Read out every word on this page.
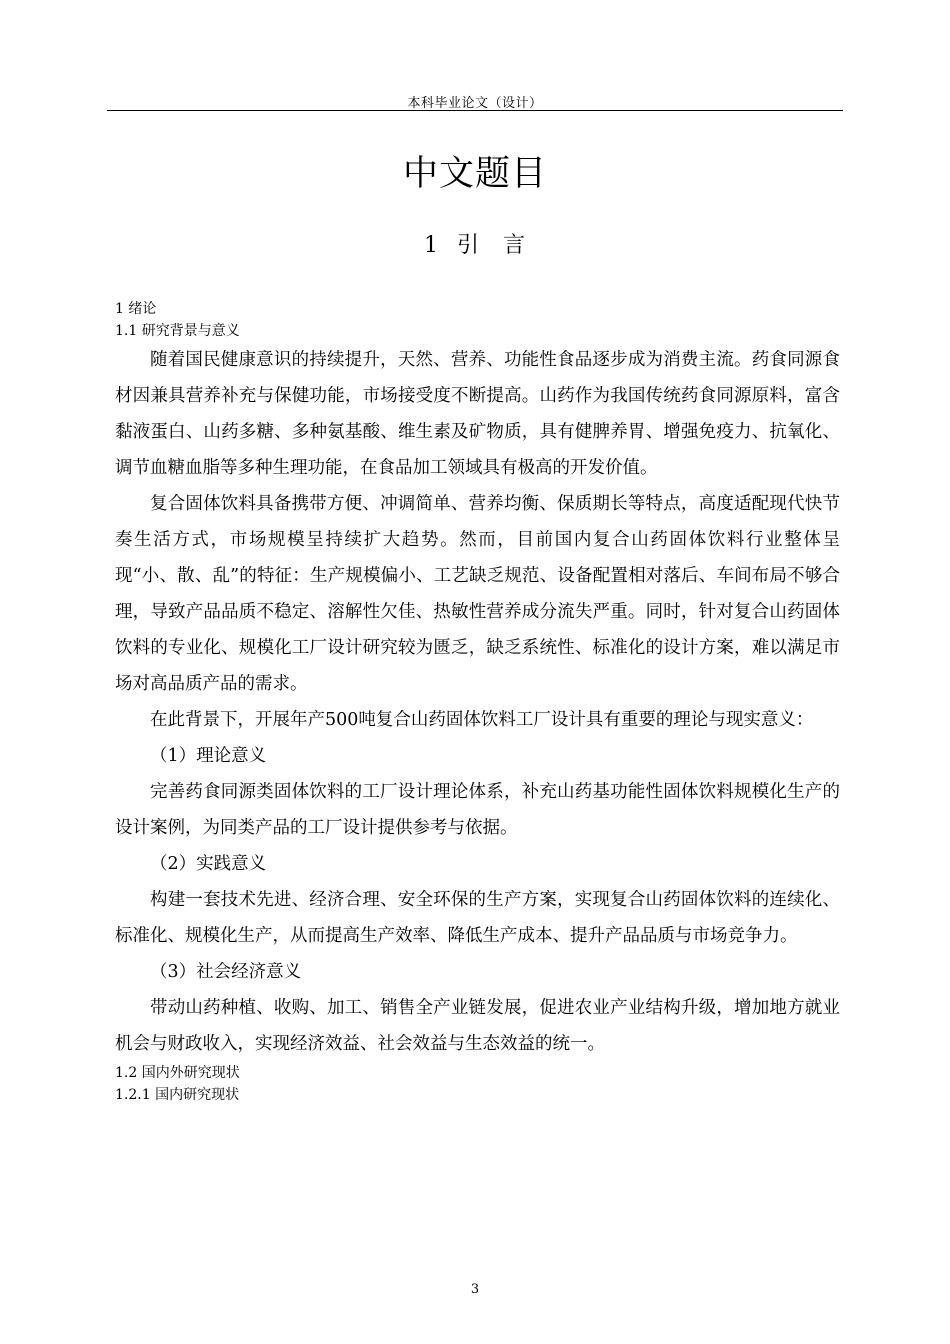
本科毕业论文（设计）
中文题目
1 引　言

1 绪论

1.1 研究背景与意义

随着国民健康意识的持续提升，天然、营养、功能性食品逐步成为消费主流。药食同源食材因兼具营养补充与保健功能，市场接受度不断提高。山药作为我国传统药食同源原料，富含黏液蛋白、山药多糖、多种氨基酸、维生素及矿物质，具有健脾养胃、增强免疫力、抗氧化、调节血糖血脂等多种生理功能，在食品加工领域具有极高的开发价值。

复合固体饮料具备携带方便、冲调简单、营养均衡、保质期长等特点，高度适配现代快节奏生活方式，市场规模呈持续扩大趋势。然而，目前国内复合山药固体饮料行业整体呈现“小、散、乱”的特征：生产规模偏小、工艺缺乏规范、设备配置相对落后、车间布局不够合理，导致产品品质不稳定、溶解性欠佳、热敏性营养成分流失严重。同时，针对复合山药固体饮料的专业化、规模化工厂设计研究较为匮乏，缺乏系统性、标准化的设计方案，难以满足市场对高品质产品的需求。

在此背景下，开展年产500吨复合山药固体饮料工厂设计具有重要的理论与现实意义：

（1）理论意义

完善药食同源类固体饮料的工厂设计理论体系，补充山药基功能性固体饮料规模化生产的设计案例，为同类产品的工厂设计提供参考与依据。

（2）实践意义

构建一套技术先进、经济合理、安全环保的生产方案，实现复合山药固体饮料的连续化、标准化、规模化生产，从而提高生产效率、降低生产成本、提升产品品质与市场竞争力。

（3）社会经济意义

带动山药种植、收购、加工、销售全产业链发展，促进农业产业结构升级，增加地方就业机会与财政收入，实现经济效益、社会效益与生态效益的统一。

1.2 国内外研究现状

1.2.1 国内研究现状

3
